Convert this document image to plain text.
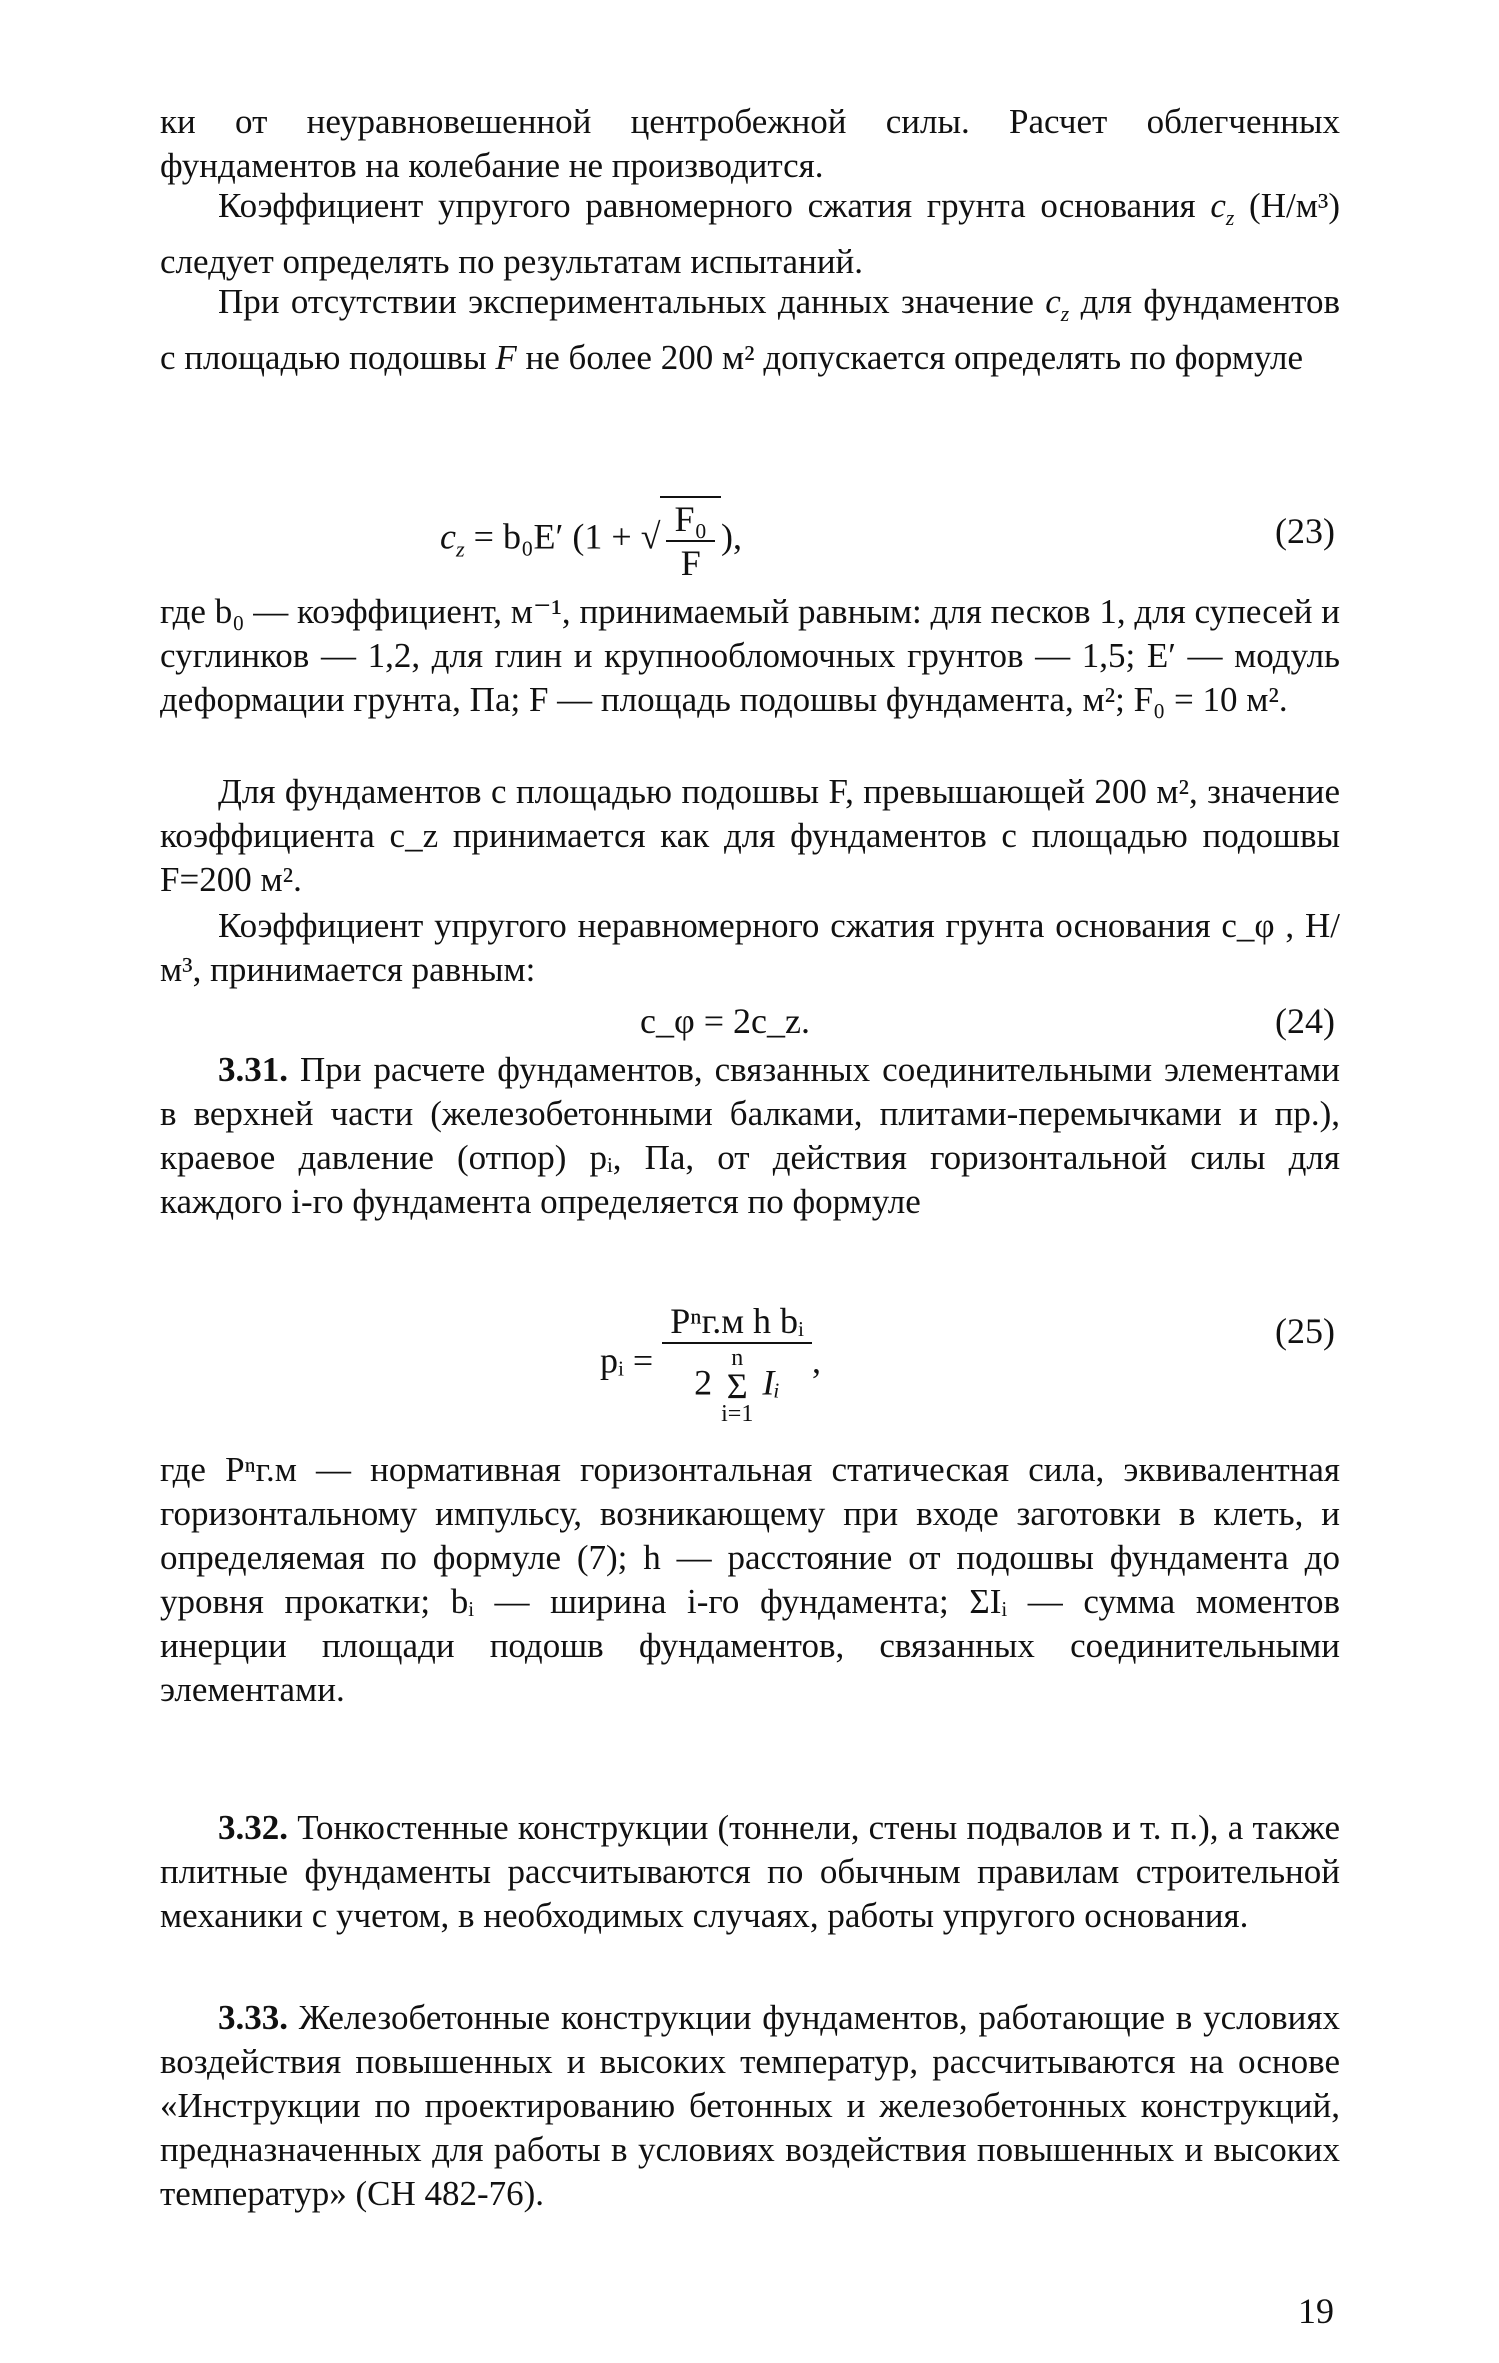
ки от неуравновешенной центробежной силы. Расчет облегченных фундаментов на колебание не производится.

Коэффициент упругого равномерного сжатия грунта основания $c_z$ (Н/м³) следует определять по результатам испытаний.

При отсутствии экспериментальных данных значение $c_z$ для фундаментов с площадью подошвы F не более 200 м² допускается определять по формуле

$c_z = b_0E'$ (1 + √ $\frac{\text{F₀}}{F}$ ),	(23)

где b₀ — коэффициент, м⁻¹, принимаемый равным: для песков 1, для супесей и суглинков — 1,2, для глин и крупнообломочных грунтов — 1,5; E′ — модуль деформации грунта, Па; F — площадь подошвы фундамента, м²; F₀ = 10 м².

Для фундаментов с площадью подошвы F, превышающей 200 м², значение коэффициента c_z принимается как для фундаментов с площадью подошвы F=200 м².

Коэффициент упругого неравномерного сжатия грунта основания c_φ , Н/м³, принимается равным:

c_φ = 2c_z.	(24)

3.31. При расчете фундаментов, связанных соединительными элементами в верхней части (железобетонными балками, плитами-перемычками и пр.), краевое давление (отпор) pᵢ, Па, от действия горизонтальной силы для каждого i-го фундамента определяется по формуле

pᵢ =
Pⁿг.м h bᵢ
2
n
Σ
i=1
Iᵢ
,
(25)

где Pⁿг.м — нормативная горизонтальная статическая сила, эквивалентная горизонтальному импульсу, возникающему при входе заготовки в клеть, и определяемая по формуле (7); h — расстояние от подошвы фундамента до уровня прокатки; bᵢ — ширина i-го фундамента; ΣIᵢ — сумма моментов инерции площади подошв фундаментов, связанных соединительными элементами.

3.32. Тонкостенные конструкции (тоннели, стены подвалов и т. п.), а также плитные фундаменты рассчитываются по обычным правилам строительной механики с учетом, в необходимых случаях, работы упругого основания.

3.33. Железобетонные конструкции фундаментов, работающие в условиях воздействия повышенных и высоких температур, рассчитываются на основе «Инструкции по проектированию бетонных и железобетонных конструкций, предназначенных для работы в условиях воздействия повышенных и высоких температур» (СН 482-76).

19
